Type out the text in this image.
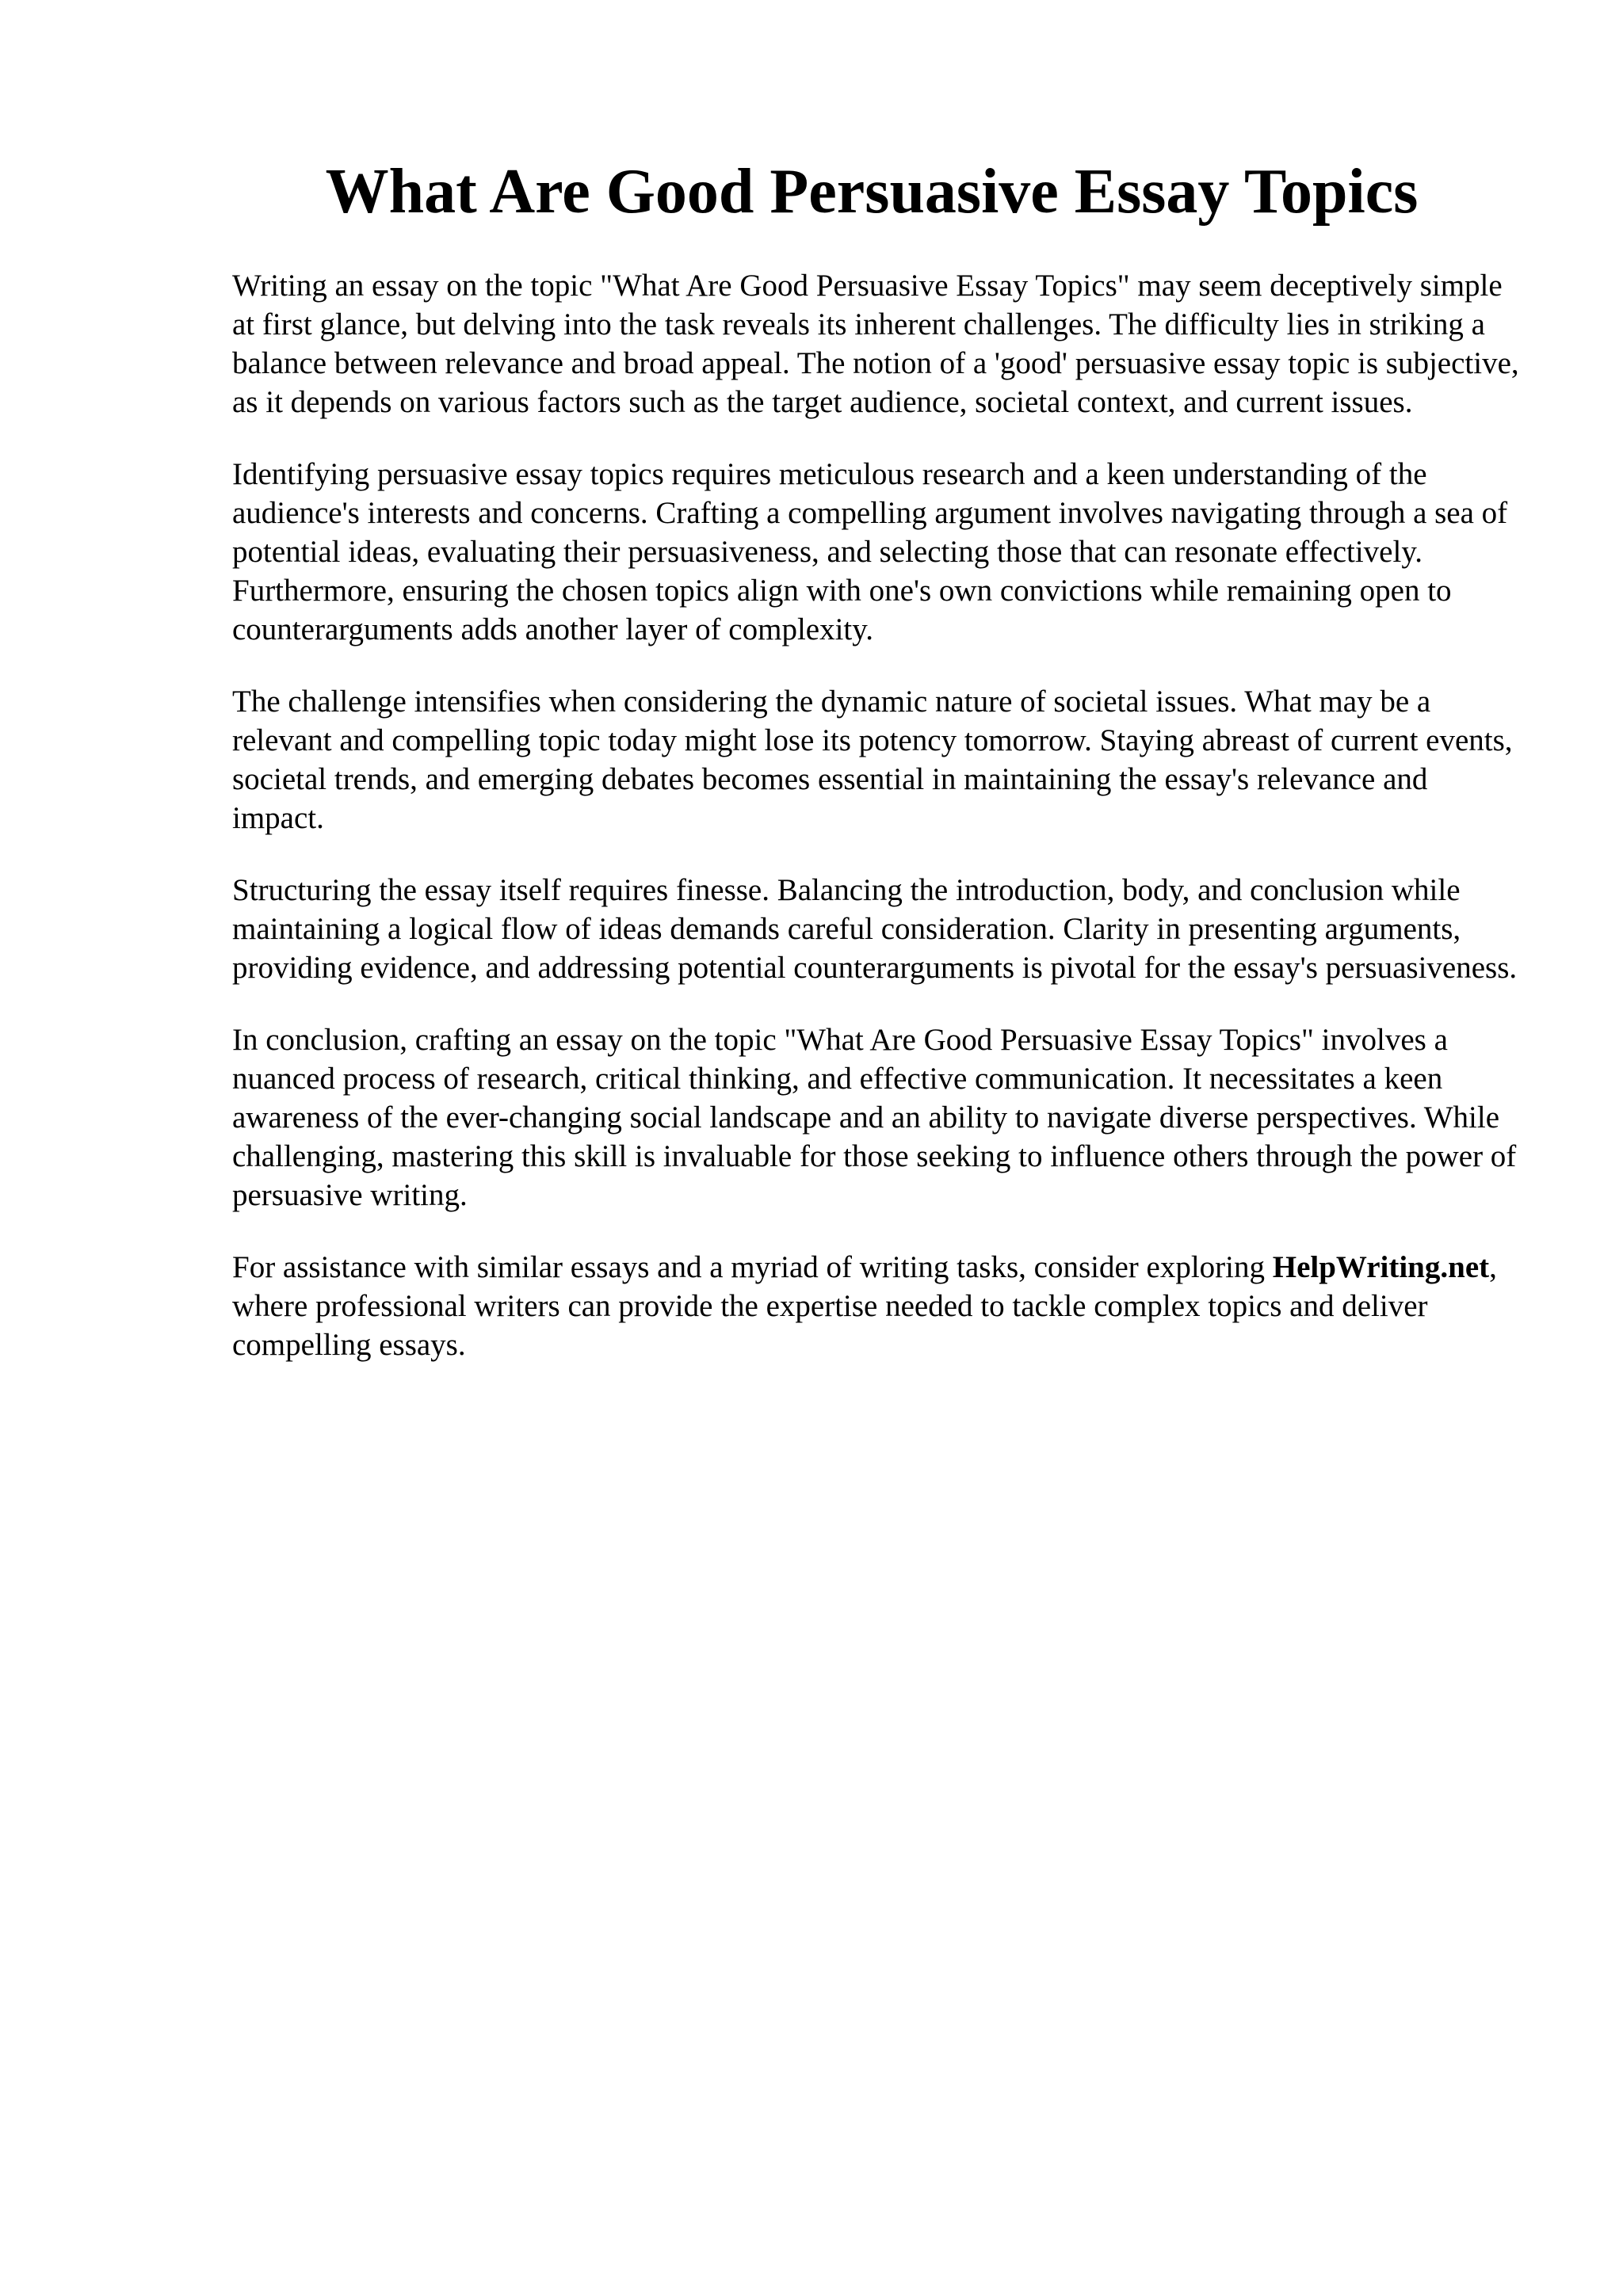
What Are Good Persuasive Essay Topics

Writing an essay on the topic "What Are Good Persuasive Essay Topics" may seem deceptively simple at first glance, but delving into the task reveals its inherent challenges. The difficulty lies in striking a balance between relevance and broad appeal. The notion of a 'good' persuasive essay topic is subjective, as it depends on various factors such as the target audience, societal context, and current issues.

Identifying persuasive essay topics requires meticulous research and a keen understanding of the audience's interests and concerns. Crafting a compelling argument involves navigating through a sea of potential ideas, evaluating their persuasiveness, and selecting those that can resonate effectively. Furthermore, ensuring the chosen topics align with one's own convictions while remaining open to counterarguments adds another layer of complexity.

The challenge intensifies when considering the dynamic nature of societal issues. What may be a relevant and compelling topic today might lose its potency tomorrow. Staying abreast of current events, societal trends, and emerging debates becomes essential in maintaining the essay's relevance and impact.

Structuring the essay itself requires finesse. Balancing the introduction, body, and conclusion while maintaining a logical flow of ideas demands careful consideration. Clarity in presenting arguments, providing evidence, and addressing potential counterarguments is pivotal for the essay's persuasiveness.

In conclusion, crafting an essay on the topic "What Are Good Persuasive Essay Topics" involves a nuanced process of research, critical thinking, and effective communication. It necessitates a keen awareness of the ever-changing social landscape and an ability to navigate diverse perspectives. While challenging, mastering this skill is invaluable for those seeking to influence others through the power of persuasive writing.

For assistance with similar essays and a myriad of writing tasks, consider exploring HelpWriting.net, where professional writers can provide the expertise needed to tackle complex topics and deliver compelling essays.
